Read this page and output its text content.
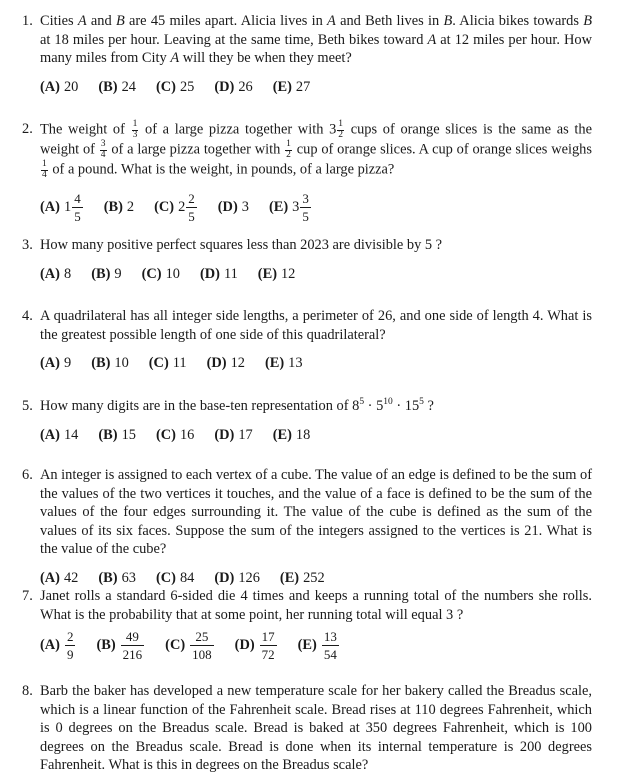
1. Cities A and B are 45 miles apart. Alicia lives in A and Beth lives in B. Alicia bikes towards B at 18 miles per hour. Leaving at the same time, Beth bikes toward A at 12 miles per hour. How many miles from City A will they be when they meet?
(A) 20 (B) 24 (C) 25 (D) 26 (E) 27
2. The weight of $\frac{1}{3}$ of a large pizza together with $3 \frac{1}{2}$ cups of orange slices is the same as the weight of $\frac{3}{4}$ of a large pizza together with $\frac{1}{2}$ cup of orange slices. A cup of orange slices weighs
$\frac{1}{4}$ of a pound. What is the weight, in pounds, of a large pizza?
(A) $1 \frac{4}{5} (B)$ 2 (C) $2 \frac{2}{5} (D)$ 3 (E) $3 \frac{3}{5}$
3. How many positive perfect squares less than 2023 are divisible by 5 ?
(A) 8 (B) 9 (C) 10 (D) 11 (E) 12
4. A quadrilateral has all integer side lengths, a perimeter of 26, and one side of length 4. What is the greatest possible length of one side of this quadrilateral?
(A) 9 (B) 10 (C) 11 (D) 12 (E) 13
5. How many digits are in the base-ten representation of $8^5 \cdot 5^{10} \cdot 15^5$ ?
(A) 14 (B) 15 (C) 16 (D) 17 (E) 18
6. An integer is assigned to each vertex of a cube. The value of an edge is defined to be the sum of the values of the two vertices it touches, and the value of a face is defined to be the sum of the values of the four edges surrounding it. The value of the cube is defined as the sum of the values of its six faces. Suppose the sum of the integers assigned to the vertices is 21. What is the value of the cube?
(A) 42 (B) 63 (C) 84 (D) 126 (E) 252
7. Janet rolls a standard 6-sided die 4 times and keeps a running total of the numbers she rolls. What is the probability that at some point, her running total will equal 3 ?
$(A) \frac{2}{9} (B) \frac{49}{216} (C) \frac{25}{108} (D) \frac{17}{72} (E) \frac{13}{54}$
8. Barb the baker has developed a new temperature scale for her bakery called the Breadus scale, which is a linear function of the Fahrenheit scale. Bread rises at 110 degrees Fahrenheit, which is 0 degrees on the Breadus scale. Bread is baked at 350 degrees Fahrenheit, which is 100 degrees on the Breadus scale. Bread is done when its internal temperature is 200 degrees Fahrenheit. What is this in degrees on the Breadus scale?
